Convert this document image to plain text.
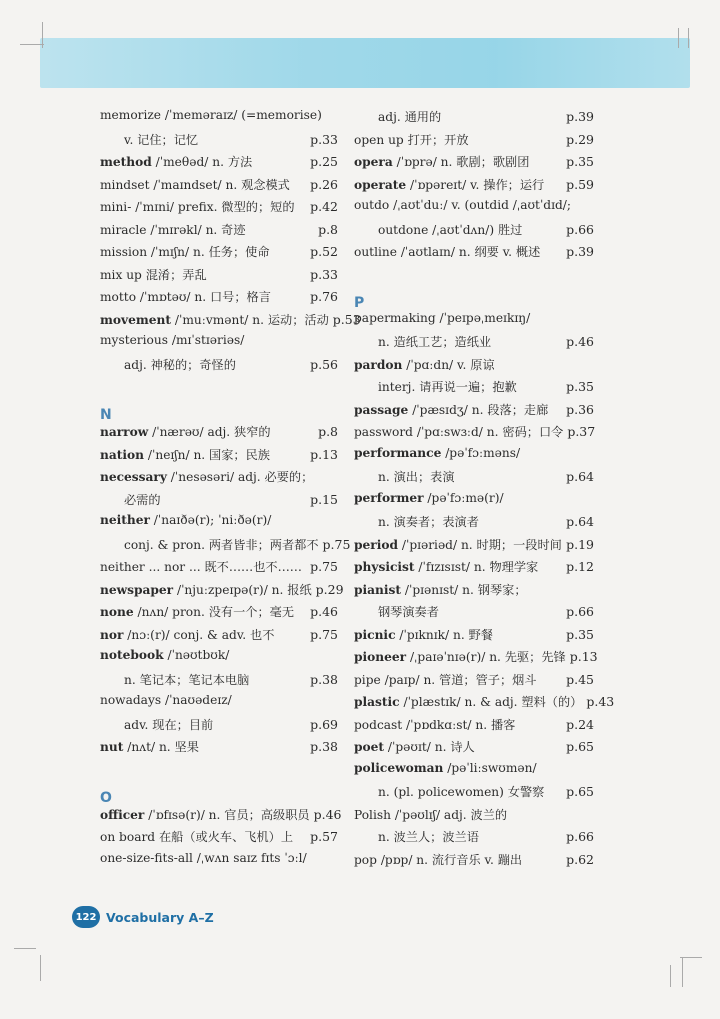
memorize /ˈmeməraɪz/ (=memorise)
v. 记住；记忆	p.33
method /ˈmeθəd/ n. 方法	p.25
mindset /ˈmaɪndset/ n. 观念模式	p.26
mini- /ˈmɪni/ prefix. 微型的；短的	p.42
miracle /ˈmɪrəkl/ n. 奇迹	p.8
mission /ˈmɪʃn/ n. 任务；使命	p.52
mix up 混淆；弄乱	p.33
motto /ˈmɒtəʊ/ n. 口号；格言	p.76
movement /ˈmuːvmənt/ n. 运动；活动 p.53
mysterious /mɪˈstɪəriəs/
adj. 神秘的；奇怪的	p.56
N
narrow /ˈnærəʊ/ adj. 狭窄的	p.8
nation /ˈneɪʃn/ n. 国家；民族	p.13
necessary /ˈnesəsəri/ adj. 必要的；
必需的	p.15
neither /ˈnaɪðə(r); ˈniːðə(r)/
conj. & pron. 两者皆非；两者都不 p.75
neither ... nor ... 既不……也不…… p.75
newspaper /ˈnjuːzpeɪpə(r)/ n. 报纸 p.29
none /nʌn/ pron. 没有一个；毫无	p.46
nor /nɔː(r)/ conj. & adv. 也不	p.75
notebook /ˈnəʊtbʊk/
n. 笔记本；笔记本电脑	p.38
nowadays /ˈnaʊədeɪz/
adv. 现在；目前	p.69
nut /nʌt/ n. 坚果	p.38
O
officer /ˈɒfɪsə(r)/ n. 官员；高级职员 p.46
on board 在船（或火车、飞机）上	p.57
one-size-fits-all /ˌwʌn saɪz fɪts ˈɔːl/
adj. 通用的	p.39
open up 打开；开放	p.29
opera /ˈɒprə/ n. 歌剧；歌剧团	p.35
operate /ˈɒpəreɪt/ v. 操作；运行	p.59
outdo /ˌaʊtˈduː/ v. (outdid /ˌaʊtˈdɪd/;
outdone /ˌaʊtˈdʌn/) 胜过	p.66
outline /ˈaʊtlaɪn/ n. 纲要 v. 概述	p.39
P
papermaking /ˈpeɪpəˌmeɪkɪŋ/
n. 造纸工艺；造纸业	p.46
pardon /ˈpɑːdn/ v. 原谅
interj. 请再说一遍；抱歉	p.35
passage /ˈpæsɪdʒ/ n. 段落；走廊	p.36
password /ˈpɑːswɜːd/ n. 密码；口令 p.37
performance /pəˈfɔːməns/
n. 演出；表演	p.64
performer /pəˈfɔːmə(r)/
n. 演奏者；表演者	p.64
period /ˈpɪəriəd/ n. 时期；一段时间 p.19
physicist /ˈfɪzɪsɪst/ n. 物理学家	p.12
pianist /ˈpɪənɪst/ n. 钢琴家；
钢琴演奏者	p.66
picnic /ˈpɪknɪk/ n. 野餐	p.35
pioneer /ˌpaɪəˈnɪə(r)/ n. 先驱；先锋 p.13
pipe /paɪp/ n. 管道；管子；烟斗	p.45
plastic /ˈplæstɪk/ n. & adj. 塑料（的） p.43
podcast /ˈpɒdkɑːst/ n. 播客	p.24
poet /ˈpəʊɪt/ n. 诗人	p.65
policewoman /pəˈliːswʊmən/
n. (pl. policewomen) 女警察	p.65
Polish /ˈpəʊlɪʃ/ adj. 波兰的
n. 波兰人；波兰语	p.66
pop /pɒp/ n. 流行音乐 v. 蹦出	p.62
122 Vocabulary A–Z
